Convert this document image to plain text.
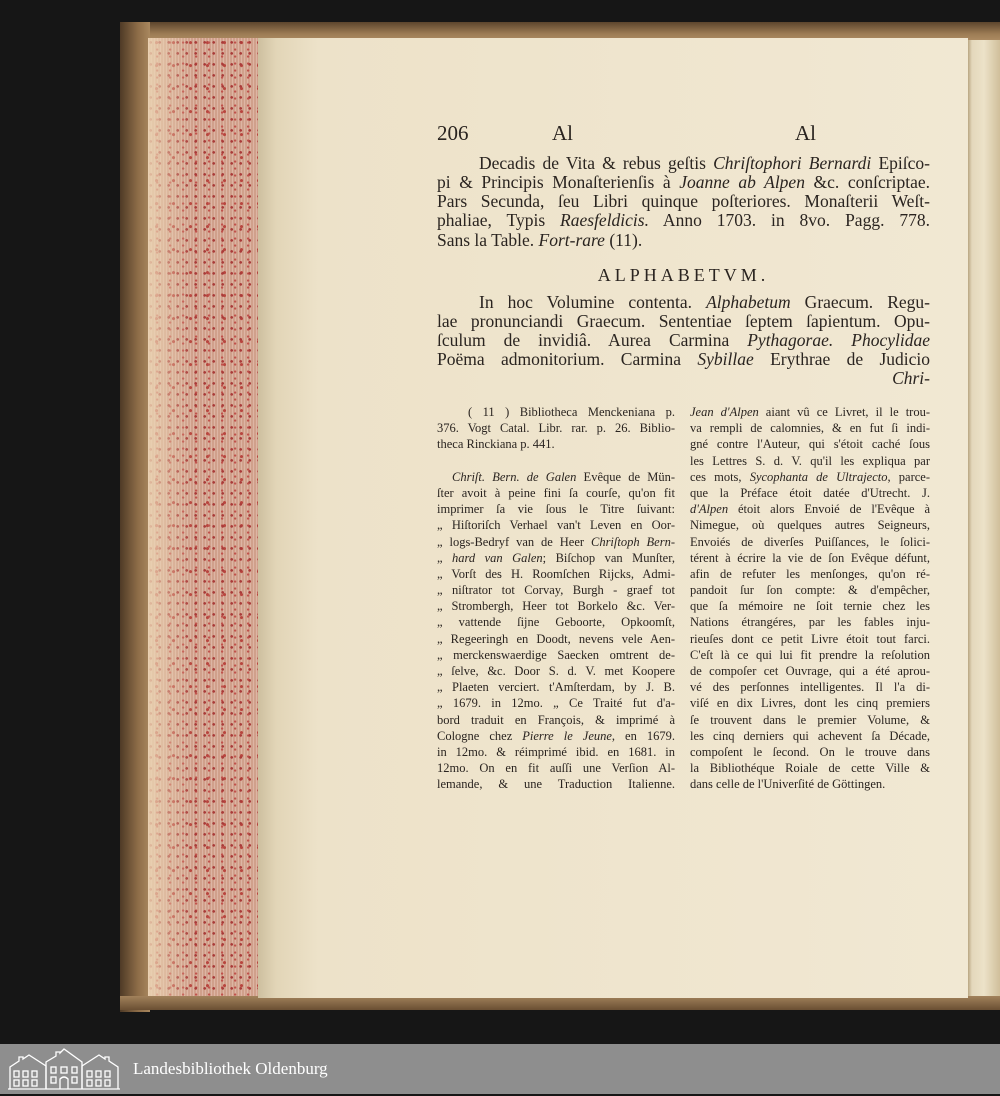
206	Al	Al
Decadis de Vita & rebus geſtis Chriſtophori Bernardi Epiſco-
pi & Principis Monaſterienſis à Joanne ab Alpen &c. conſcriptae.
Pars Secunda, ſeu Libri quinque poſteriores. Monaſterii Weſt-
phaliae, Typis Raesfeldicis. Anno 1703. in 8vo. Pagg. 778.
Sans la Table. Fort-rare (11).
ALPHABETVM.
In hoc Volumine contenta. Alphabetum Graecum. Regu-
lae pronunciandi Graecum. Sententiae ſeptem ſapientum. Opu-
ſculum de invidiâ. Aurea Carmina Pythagorae. Phocylidae
Poëma admonitorium. Carmina Sybillae Erythrae de Judicio
Chri-
( 11 ) Bibliotheca Menckeniana p.
376. Vogt Catal. Libr. rar. p. 26. Biblio-
theca Rinckiana p. 441.
Chriſt. Bern. de Galen Evêque de Mün-
ſter avoit à peine fini ſa courſe, qu'on fit
imprimer ſa vie ſous le Titre ſuivant:
„ Hiſtoriſch Verhael van't Leven en Oor-
„ logs-Bedryf van de Heer Chriſtoph Bern-
„ hard van Galen; Biſchop van Munſter,
„ Vorſt des H. Roomſchen Rijcks, Admi-
„ niſtrator tot Corvay, Burgh - graef tot
„ Strombergh, Heer tot Borkelo &c. Ver-
„ vattende ſijne Geboorte, Opkoomſt,
„ Regeeringh en Doodt, nevens vele Aen-
„ merckenswaerdige Saecken omtrent de-
„ ſelve, &c. Door S. d. V. met Koopere
„ Plaeten verciert. t'Amſterdam, by J. B.
„ 1679. in 12mo. „ Ce Traité fut d'a-
bord traduit en François, & imprimé à
Cologne chez Pierre le Jeune, en 1679.
in 12mo. & réimprimé ibid. en 1681. in
12mo. On en fit auſſi une Verſion Al-
lemande, & une Traduction Italienne.
Jean d'Alpen aiant vû ce Livret, il le trou-
va rempli de calomnies, & en fut ſi indi-
gné contre l'Auteur, qui s'étoit caché ſous
les Lettres S. d. V. qu'il les expliqua par
ces mots, Sycophanta de Ultrajecto, parce-
que la Préface étoit datée d'Utrecht. J.
d'Alpen étoit alors Envoié de l'Evêque à
Nimegue, où quelques autres Seigneurs,
Envoiés de diverſes Puiſſances, le ſolici-
térent à écrire la vie de ſon Evêque défunt,
afin de refuter les menſonges, qu'on ré-
pandoit ſur ſon compte: & d'empêcher,
que ſa mémoire ne ſoit ternie chez les
Nations étrangéres, par les fables inju-
rieuſes dont ce petit Livre étoit tout farci.
C'eſt là ce qui lui fit prendre la reſolution
de compoſer cet Ouvrage, qui a été aprou-
vé des perſonnes intelligentes. Il l'a di-
viſé en dix Livres, dont les cinq premiers
ſe trouvent dans le premier Volume, &
les cinq derniers qui achevent ſa Décade,
compoſent le ſecond. On le trouve dans
la Bibliothéque Roiale de cette Ville &
dans celle de l'Univerſité de Göttingen.
Landesbibliothek Oldenburg
